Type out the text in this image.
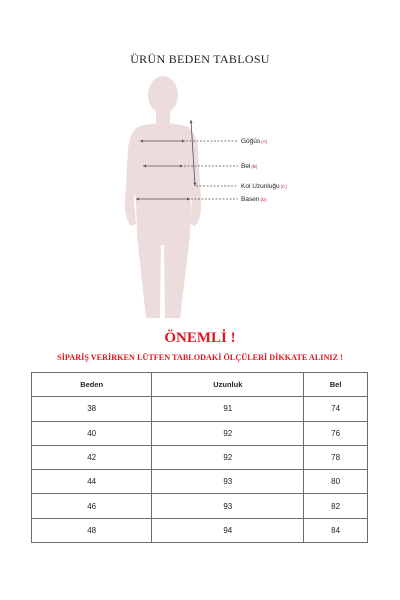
ÜRÜN BEDEN TABLOSU
Göğüs(A)
Bel(B)
Kol Uzunluğu(C)
Basen(D)
ÖNEMLİ !
SİPARİŞ VERİRKEN LÜTFEN TABLODAKİ ÖLÇÜLERİ DİKKATE ALINIZ !
Beden	Uzunluk	Bel
38	91	74
40	92	76
42	92	78
44	93	80
46	93	82
48	94	84
